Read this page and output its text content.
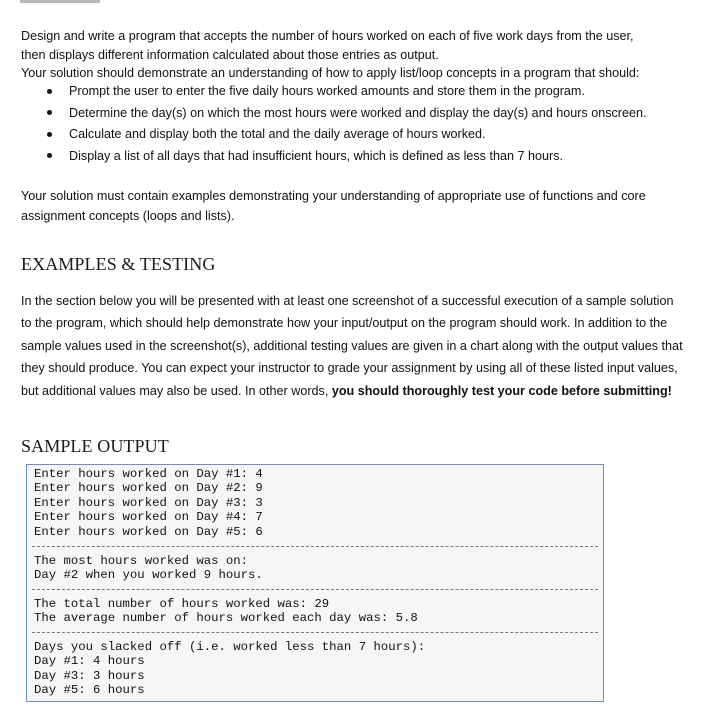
Design and write a program that accepts the number of hours worked on each of five work days from the user,

then displays different information calculated about those entries as output.

Your solution should demonstrate an understanding of how to apply list/loop concepts in a program that should:

Prompt the user to enter the five daily hours worked amounts and store them in the program.
Determine the day(s) on which the most hours were worked and display the day(s) and hours onscreen.
Calculate and display both the total and the daily average of hours worked.
Display a list of all days that had insufficient hours, which is defined as less than 7 hours.

Your solution must contain examples demonstrating your understanding of appropriate use of functions and core assignment concepts (loops and lists).

EXAMPLES & TESTING

In the section below you will be presented with at least one screenshot of a successful execution of a sample solution to the program, which should help demonstrate how your input/output on the program should work. In addition to the sample values used in the screenshot(s), additional testing values are given in a chart along with the output values that they should produce. You can expect your instructor to grade your assignment by using all of these listed input values, but additional values may also be used. In other words, you should thoroughly test your code before submitting!

SAMPLE OUTPUT
Enter hours worked on Day #1: 4
Enter hours worked on Day #2: 9
Enter hours worked on Day #3: 3
Enter hours worked on Day #4: 7
Enter hours worked on Day #5: 6
The most hours worked was on:
Day #2 when you worked 9 hours.
The total number of hours worked was: 29
The average number of hours worked each day was: 5.8
Days you slacked off (i.e. worked less than 7 hours):
Day #1: 4 hours
Day #3: 3 hours
Day #5: 6 hours
